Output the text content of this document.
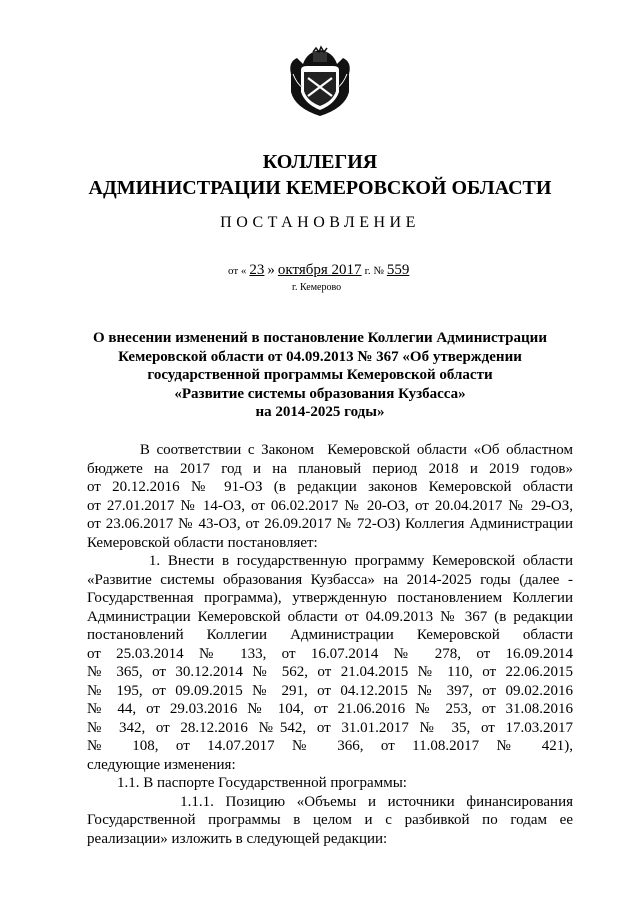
КОЛЛЕГИЯ
АДМИНИСТРАЦИИ КЕМЕРОВСКОЙ ОБЛАСТИ
ПОСТАНОВЛЕНИЕ
от « 23 » октября 2017 г. № 559
г. Кемерово
О внесении изменений в постановление Коллегии Администрации
Кемеровской области от 04.09.2013 № 367 «Об утверждении
государственной программы Кемеровской области
«Развитие системы образования Кузбасса»
на 2014-2025 годы»
В соответствии с Законом  Кемеровской области «Об областном
бюджете на 2017 год и на плановый период 2018 и 2019 годов»
от 20.12.2016 № 91-ОЗ (в редакции законов Кемеровской области
от 27.01.2017 № 14-ОЗ, от 06.02.2017 № 20-ОЗ, от 20.04.2017 № 29-ОЗ,
от 23.06.2017 № 43-ОЗ, от 26.09.2017 № 72-ОЗ) Коллегия Администрации
Кемеровской области постановляет:
1. Внести в государственную программу Кемеровской области
«Развитие системы образования Кузбасса» на 2014-2025 годы (далее -
Государственная программа), утвержденную постановлением Коллегии
Администрации Кемеровской области от 04.09.2013 № 367 (в редакции
постановлений Коллегии Администрации Кемеровской области
от 25.03.2014 № 133, от 16.07.2014 № 278, от 16.09.2014
№ 365, от 30.12.2014 № 562, от 21.04.2015 № 110, от 22.06.2015
№ 195, от 09.09.2015 № 291, от 04.12.2015 № 397, от 09.02.2016
№ 44, от 29.03.2016 № 104, от 21.06.2016 № 253, от 31.08.2016
№ 342, от 28.12.2016 №542, от 31.01.2017 № 35, от 17.03.2017
№ 108, от 14.07.2017 № 366, от 11.08.2017 № 421),
следующие изменения:
1.1. В паспорте Государственной программы:
1.1.1. Позицию «Объемы и источники финансирования
Государственной программы в целом и с разбивкой по годам ее
реализации» изложить в следующей редакции:
